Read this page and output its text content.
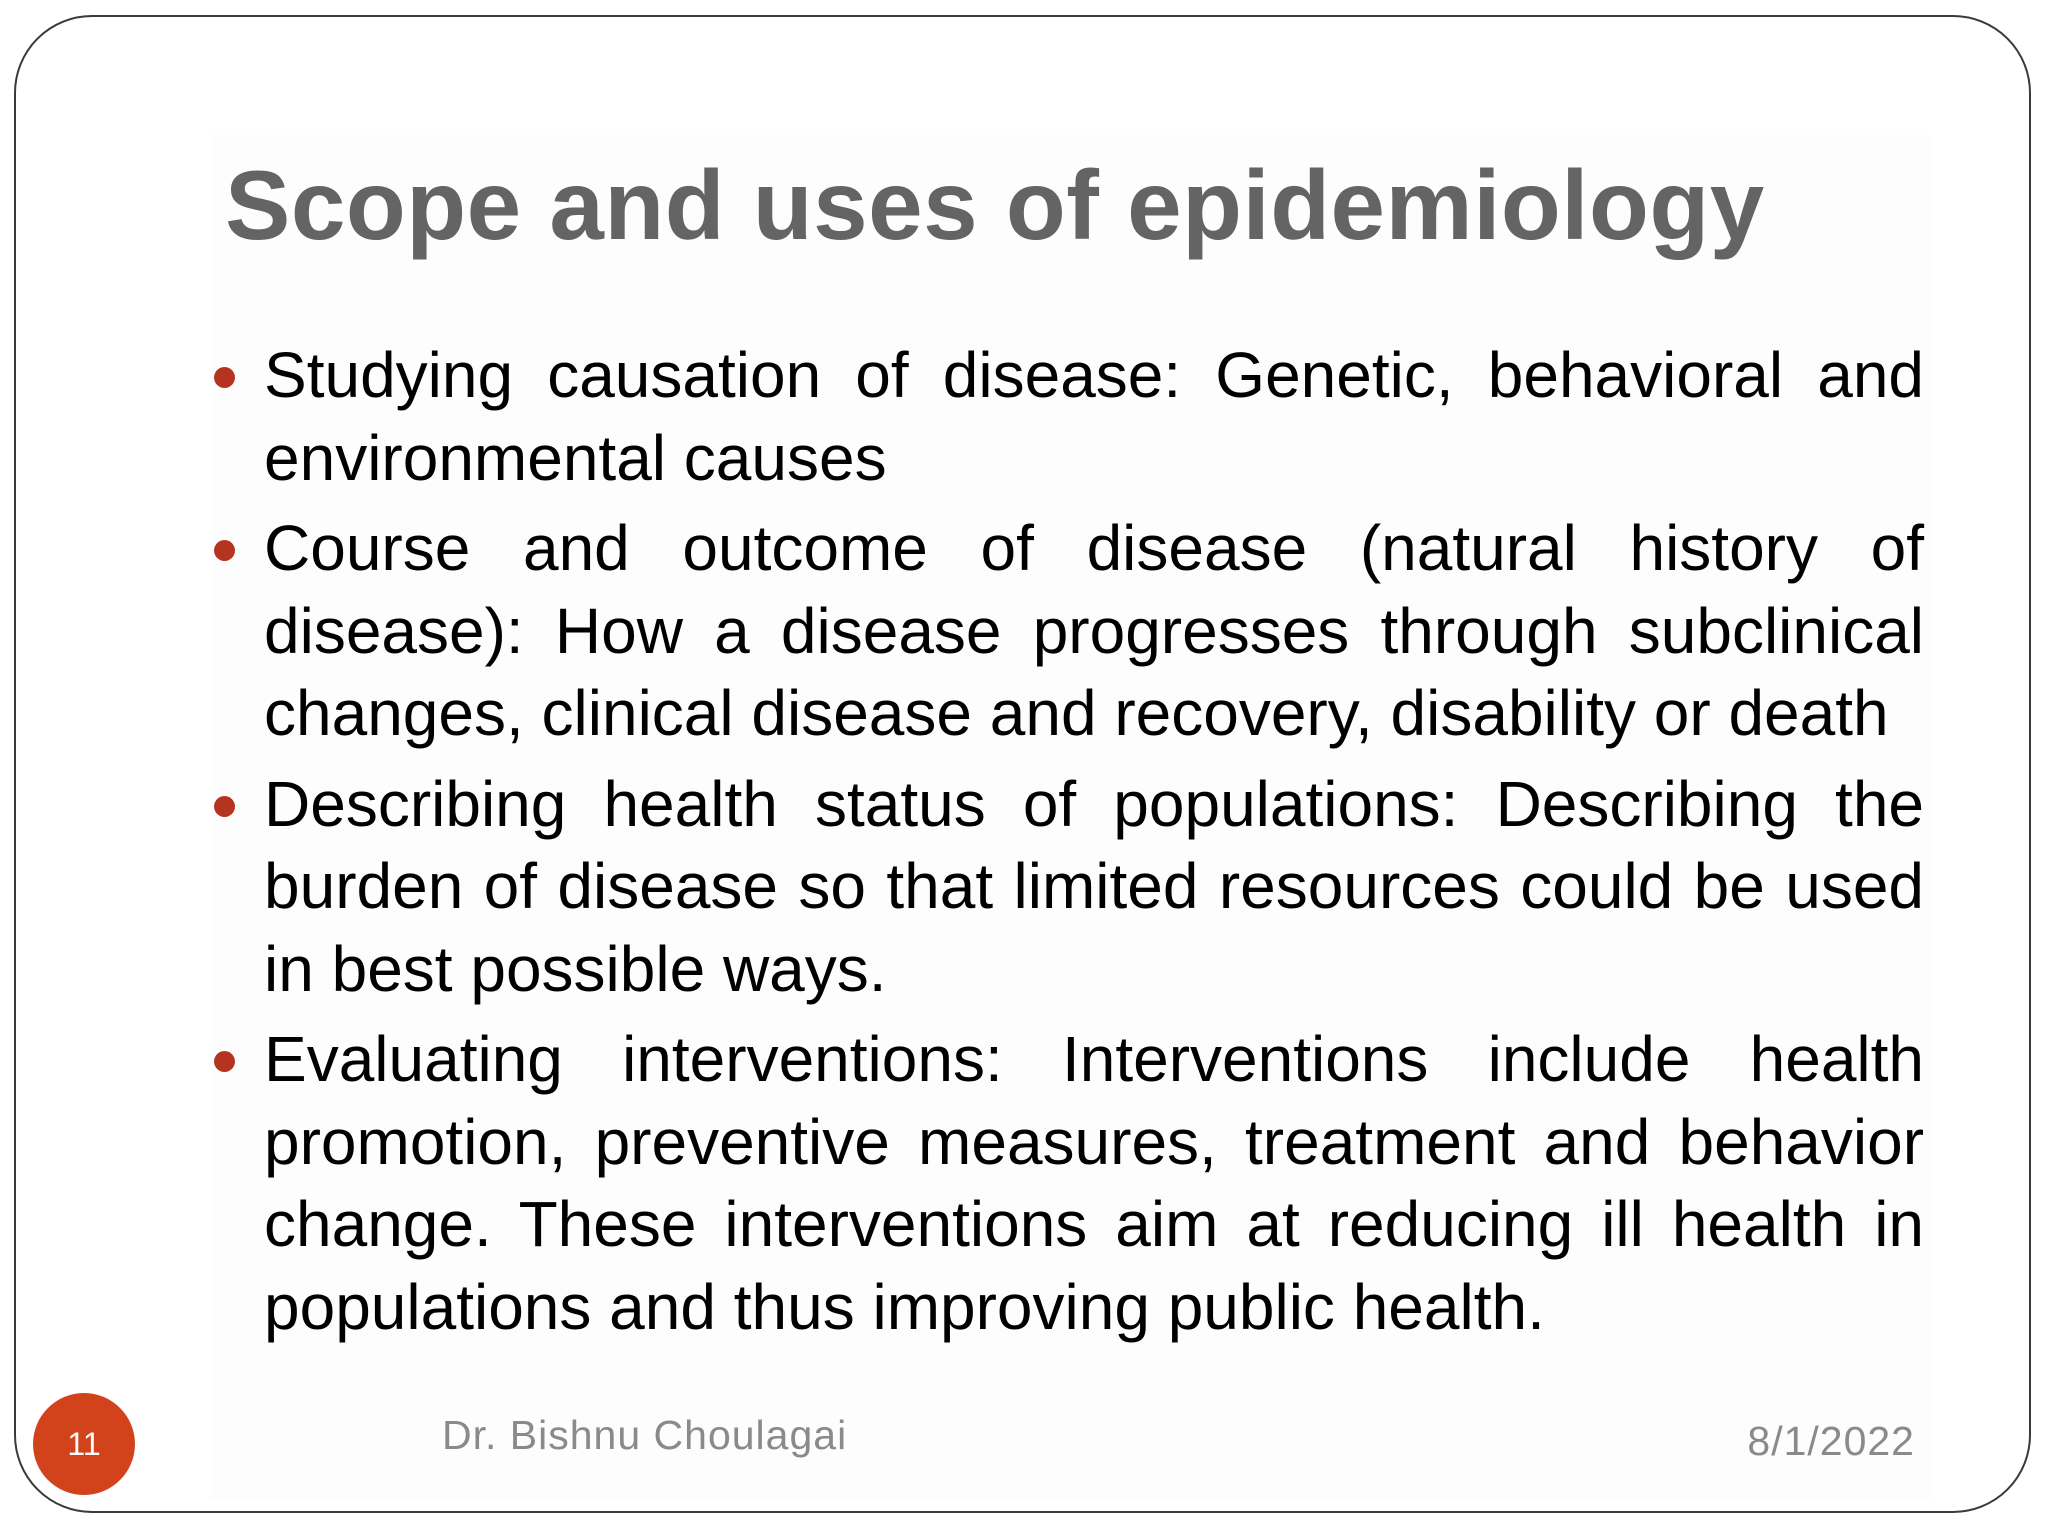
Scope and uses of epidemiology
Studying causation of disease: Genetic, behavioral and environmental causes
Course and outcome of disease (natural history of disease): How a disease progresses through subclinical changes, clinical disease and recovery, disability or death
Describing health status of populations: Describing the burden of disease so that limited resources could be used in best possible ways.
Evaluating interventions: Interventions include health promotion, preventive measures, treatment and behavior change. These interventions aim at reducing ill health in populations and thus improving public health.
11	Dr. Bishnu Choulagai	8/1/2022
